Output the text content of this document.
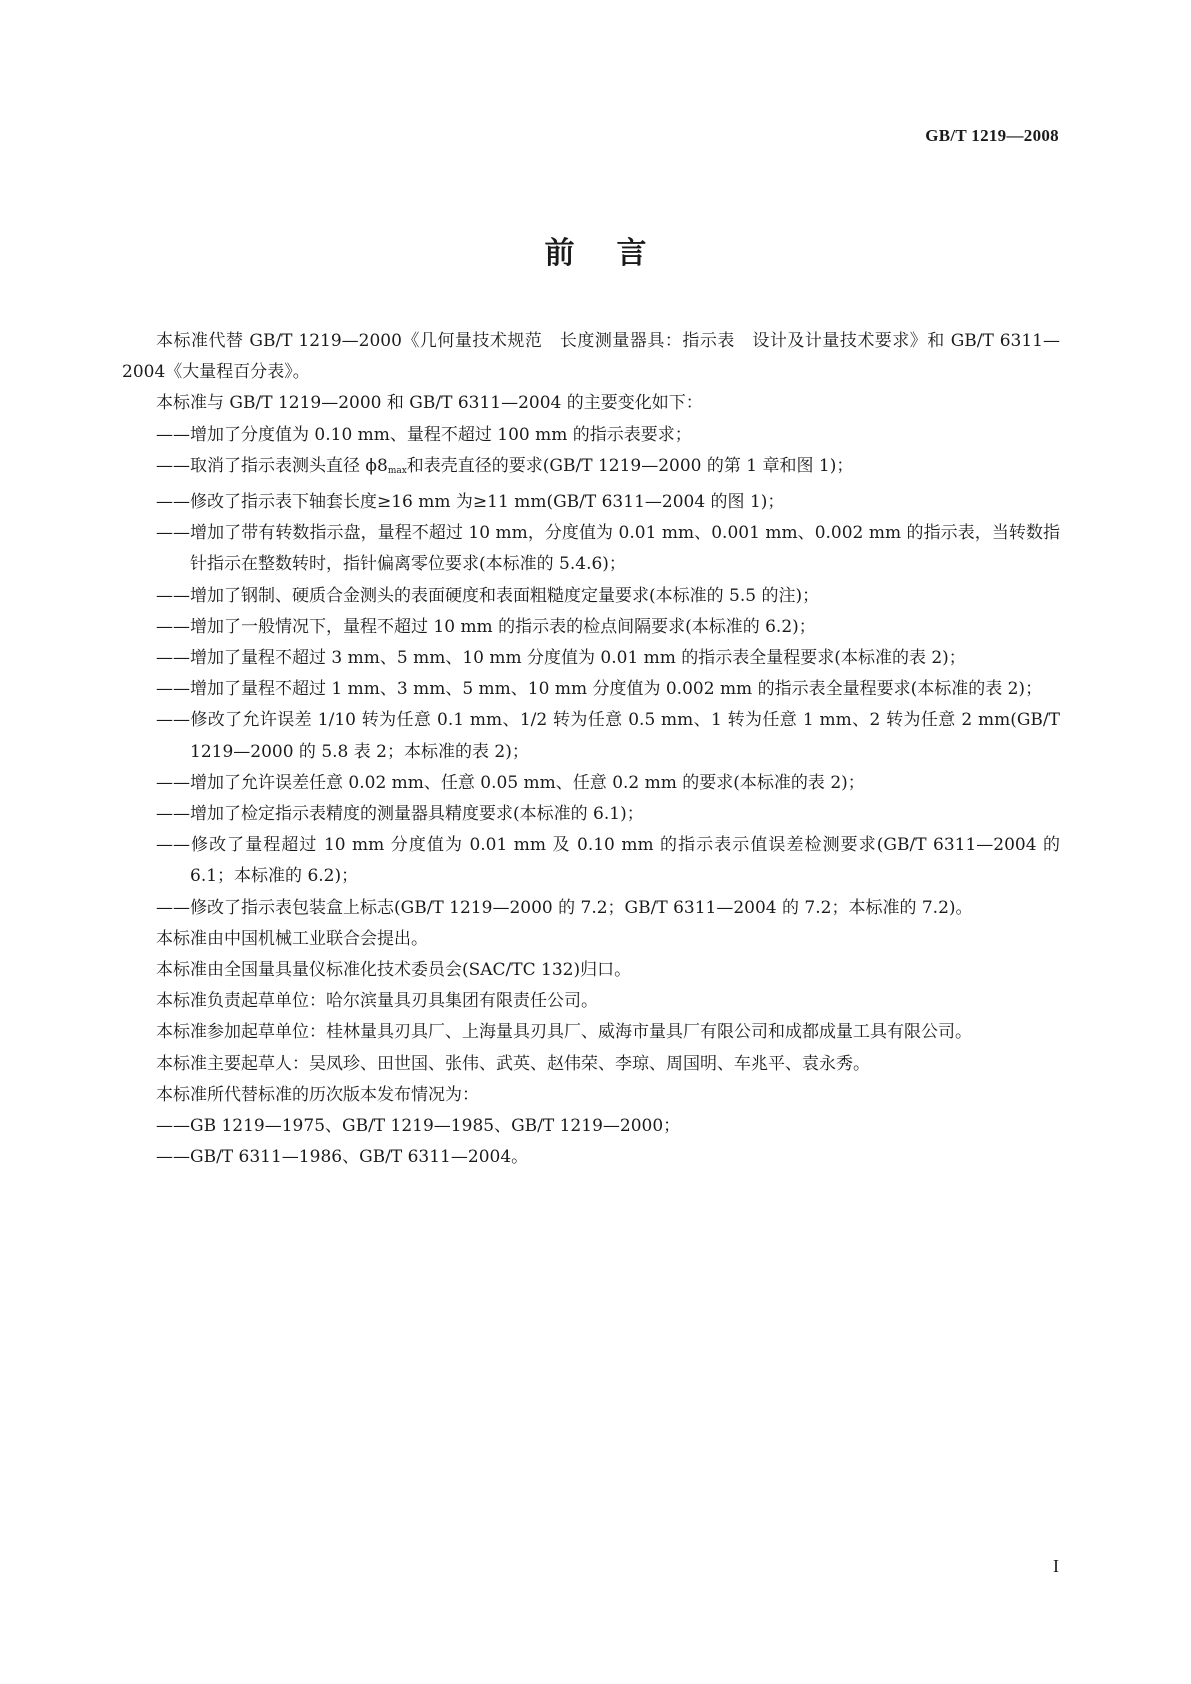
GB/T 1219—2008
前言

本标准代替 GB/T 1219—2000《几何量技术规范　长度测量器具：指示表　设计及计量技术要求》和 GB/T 6311—2004《大量程百分表》。

本标准与 GB/T 1219—2000 和 GB/T 6311—2004 的主要变化如下：

——增加了分度值为 0.10 mm、量程不超过 100 mm 的指示表要求；

——取消了指示表测头直径 $\phi 8_{max}$和表壳直径的要求(GB/T 1219—2000 的第 1 章和图 1)；

——修改了指示表下轴套长度≥16 mm 为≥11 mm(GB/T 6311—2004 的图 1)；

——增加了带有转数指示盘，量程不超过 10 mm，分度值为 0.01 mm、0.001 mm、0.002 mm 的指示表，当转数指针指示在整数转时，指针偏离零位要求(本标准的 5.4.6)；

——增加了钢制、硬质合金测头的表面硬度和表面粗糙度定量要求(本标准的 5.5 的注)；

——增加了一般情况下，量程不超过 10 mm 的指示表的检点间隔要求(本标准的 6.2)；

——增加了量程不超过 3 mm、5 mm、10 mm 分度值为 0.01 mm 的指示表全量程要求(本标准的表 2)；

——增加了量程不超过 1 mm、3 mm、5 mm、10 mm 分度值为 0.002 mm 的指示表全量程要求(本标准的表 2)；

——修改了允许误差 1/10 转为任意 0.1 mm、1/2 转为任意 0.5 mm、1 转为任意 1 mm、2 转为任意 2 mm(GB/T 1219—2000 的 5.8 表 2；本标准的表 2)；

——增加了允许误差任意 0.02 mm、任意 0.05 mm、任意 0.2 mm 的要求(本标准的表 2)；

——增加了检定指示表精度的测量器具精度要求(本标准的 6.1)；

——修改了量程超过 10 mm 分度值为 0.01 mm 及 0.10 mm 的指示表示值误差检测要求(GB/T 6311—2004 的 6.1；本标准的 6.2)；

——修改了指示表包装盒上标志(GB/T 1219—2000 的 7.2；GB/T 6311—2004 的 7.2；本标准的 7.2)。

本标准由中国机械工业联合会提出。

本标准由全国量具量仪标准化技术委员会(SAC/TC 132)归口。

本标准负责起草单位：哈尔滨量具刃具集团有限责任公司。

本标准参加起草单位：桂林量具刃具厂、上海量具刃具厂、威海市量具厂有限公司和成都成量工具有限公司。

本标准主要起草人：吴凤珍、田世国、张伟、武英、赵伟荣、李琼、周国明、车兆平、袁永秀。

本标准所代替标准的历次版本发布情况为：

——GB 1219—1975、GB/T 1219—1985、GB/T 1219—2000；

——GB/T 6311—1986、GB/T 6311—2004。

I
